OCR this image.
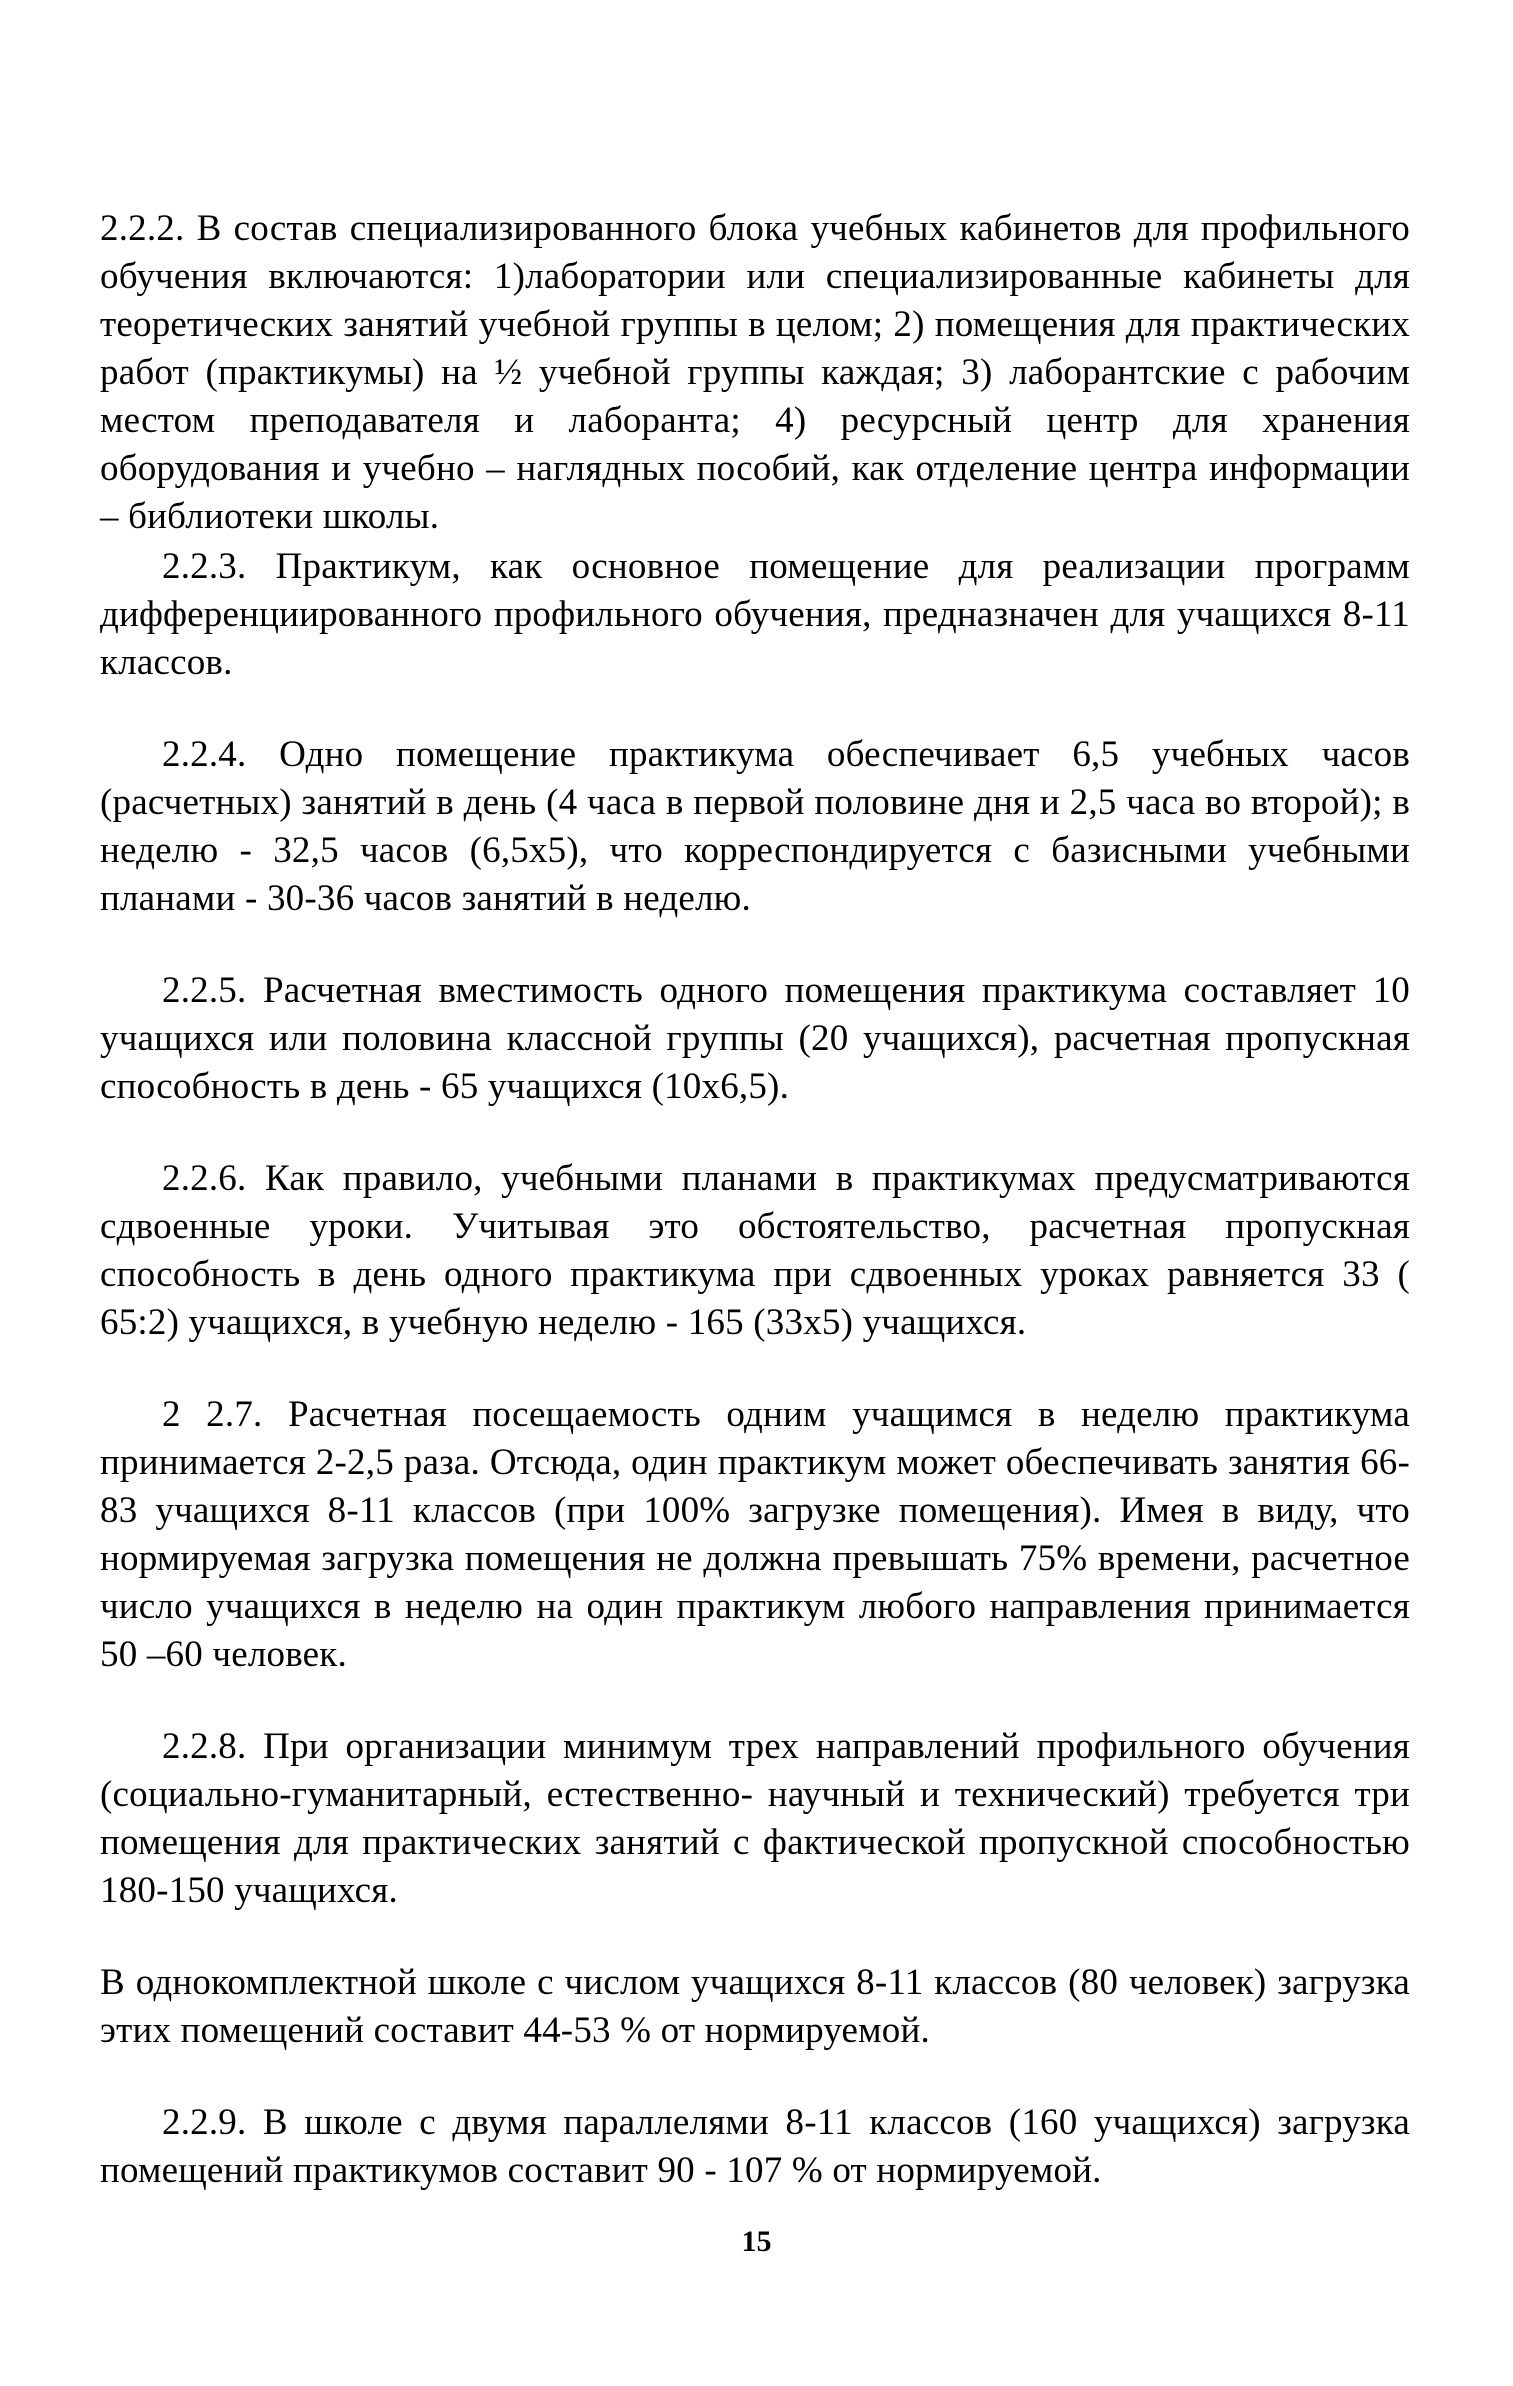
2.2.2. В состав специализированного блока учебных кабинетов для профильного обучения включаются: 1)лаборатории или специализированные кабинеты для теоретических занятий учебной группы в целом; 2) помещения для практических работ (практикумы) на ½ учебной группы каждая; 3) лаборантские с рабочим местом преподавателя и лаборанта; 4) ресурсный центр для хранения оборудования и учебно – наглядных пособий, как отделение центра информации – библиотеки школы.

2.2.3. Практикум, как основное помещение для реализации программ дифференциированного профильного обучения, предназначен для учащихся 8-11 классов.

2.2.4. Одно помещение практикума обеспечивает 6,5 учебных часов (расчетных) занятий в день (4 часа в первой половине дня и 2,5 часа во второй); в неделю - 32,5 часов (6,5x5), что корреспондируется с базисными учебными планами - 30-36 часов занятий в неделю.

2.2.5. Расчетная вместимость одного помещения практикума составляет 10 учащихся или половина классной группы (20 учащихся), расчетная пропускная способность в день - 65 учащихся (10x6,5).

2.2.6. Как правило, учебными планами в практикумах предусматриваются сдвоенные уроки. Учитывая это обстоятельство, расчетная пропускная способность в день одного практикума при сдвоенных уроках равняется 33 ( 65:2) учащихся, в учебную неделю - 165 (33x5) учащихся.

2 2.7. Расчетная посещаемость одним учащимся в неделю практикума принимается 2-2,5 раза. Отсюда, один практикум может обеспечивать занятия 66- 83 учащихся 8-11 классов (при 100% загрузке помещения). Имея в виду, что нормируемая загрузка помещения не должна превышать 75% времени, расчетное число учащихся в неделю на один практикум любого направления принимается 50 –60 человек.

2.2.8. При организации минимум трех направлений профильного обучения (социально-гуманитарный, естественно- научный и технический) требуется три помещения для практических занятий с фактической пропускной способностью 180-150 учащихся.

В однокомплектной школе с числом учащихся 8-11 классов (80 человек) загрузка этих помещений составит 44-53 % от нормируемой.

2.2.9. В школе с двумя параллелями 8-11 классов (160 учащихся) загрузка помещений практикумов составит 90 - 107 % от нормируемой.

15
